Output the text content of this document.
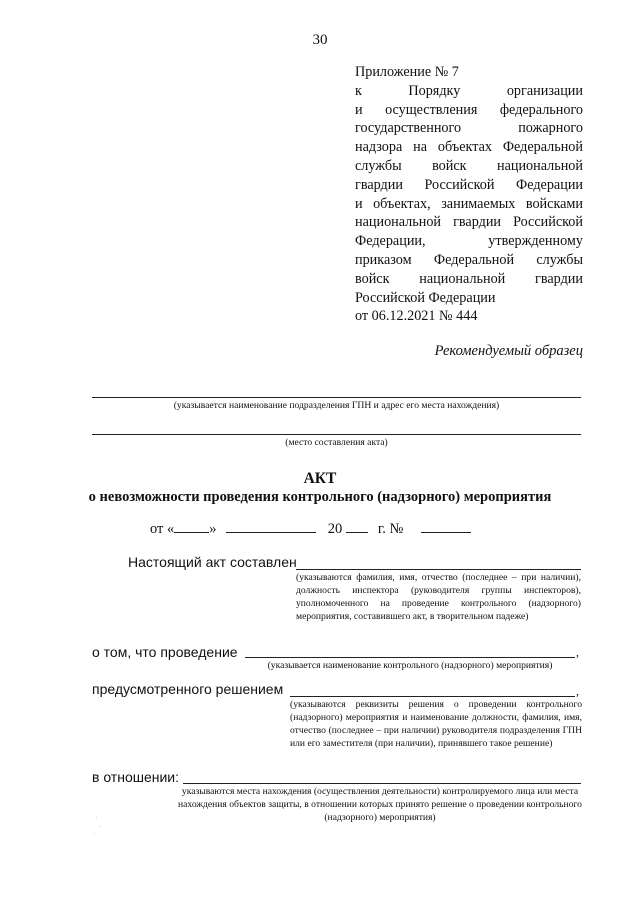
30
Приложение № 7
к Порядку организации
и осуществления федерального
государственного пожарного
надзора на объектах Федеральной
службы войск национальной
гвардии Российской Федерации
и объектах, занимаемых войсками
национальной гвардии Российской
Федерации, утвержденному
приказом Федеральной службы
войск национальной гвардии
Российской Федерации
от 06.12.2021 № 444
Рекомендуемый образец
(указывается наименование подразделения ГПН и адрес его места нахождения)
(место составления акта)
АКТ
о невозможности проведения контрольного (надзорного) мероприятия
от « »	20 г. №
Настоящий акт составлен
(указываются фамилия, имя, отчество (последнее – при наличии), должность инспектора (руководителя группы инспекторов), уполномоченного на проведение контрольного (надзорного) мероприятия, составившего акт, в творительном падеже)
о том, что проведение	,
(указывается наименование контрольного (надзорного) мероприятия)
предусмотренного решением	,
(указываются реквизиты решения о проведении контрольного (надзорного) мероприятия и наименование должности, фамилия, имя, отчество (последнее – при наличии) руководителя подразделения ГПН или его заместителя (при наличии), принявшего такое решение)
в отношении:
указываются места нахождения (осуществления деятельности) контролируемого лица или места нахождения объектов защиты, в отношении которых принято решение о проведении контрольного (надзорного) мероприятия)
